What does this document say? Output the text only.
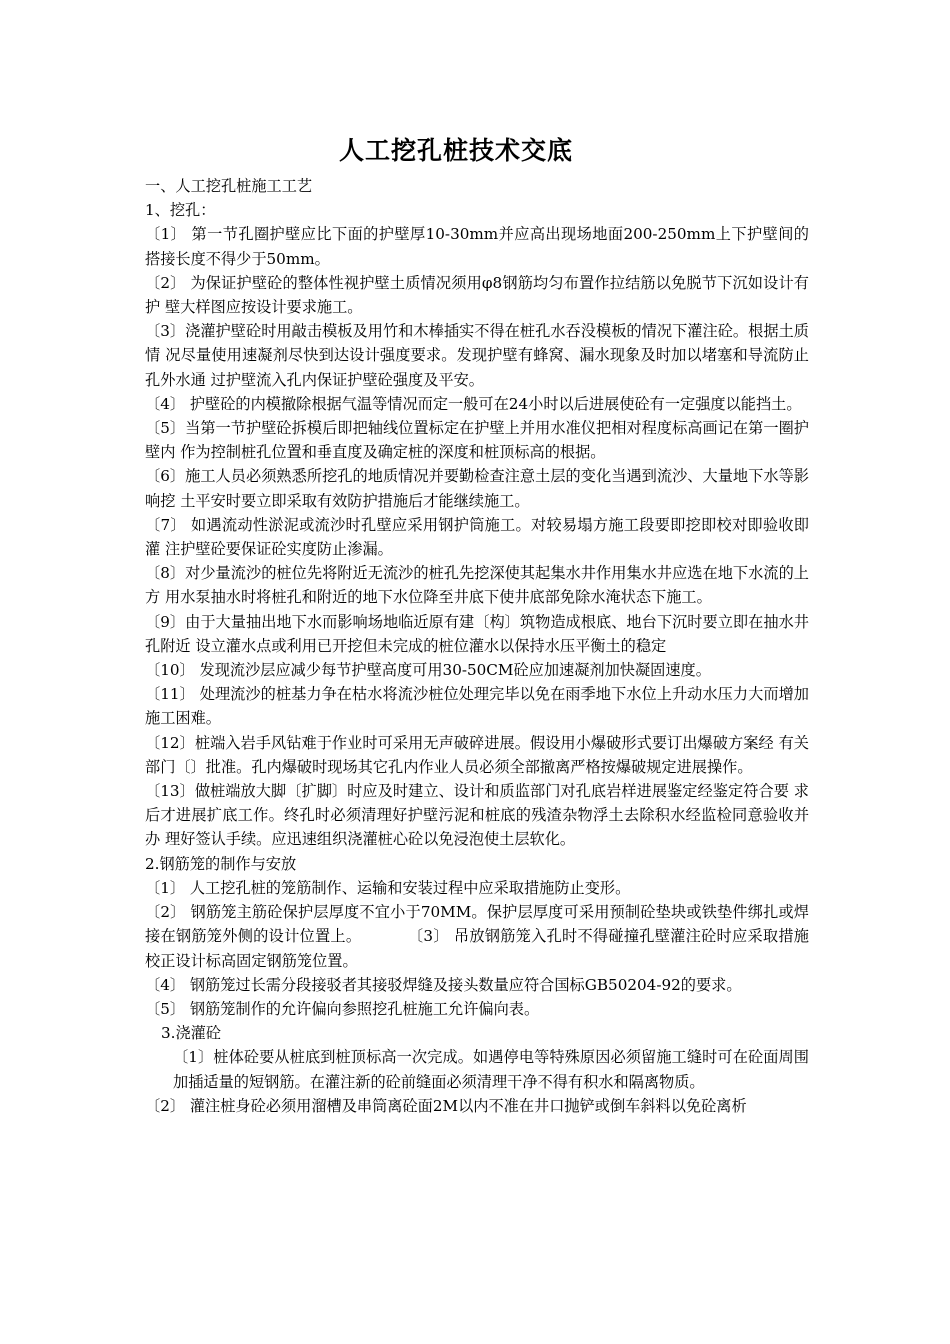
人工挖孔桩技术交底

一、人工挖孔桩施工工艺

1、挖孔：

〔1〕 第一节孔圈护壁应比下面的护壁厚10-30mm并应高出现场地面200-250mm上下护壁间的搭接长度不得少于50mm。

〔2〕 为保证护壁砼的整体性视护壁土质情况须用φ8钢筋均匀布置作拉结筋以免脱节下沉如设计有护 壁大样图应按设计要求施工。

〔3〕浇灌护壁砼时用敲击模板及用竹和木棒插实不得在桩孔水吞没模板的情况下灌注砼。根据土质情 况尽量使用速凝剂尽快到达设计强度要求。发现护壁有蜂窝、漏水现象及时加以堵塞和导流防止孔外水通 过护壁流入孔内保证护壁砼强度及平安。

〔4〕 护壁砼的内模撤除根据气温等情况而定一般可在24小时以后进展使砼有一定强度以能挡土。

〔5〕当第一节护壁砼拆模后即把轴线位置标定在护壁上并用水准仪把相对程度标高画记在第一圈护壁内 作为控制桩孔位置和垂直度及确定桩的深度和桩顶标高的根据。

〔6〕施工人员必须熟悉所挖孔的地质情况并要勤检查注意土层的变化当遇到流沙、大量地下水等影响挖 土平安时要立即采取有效防护措施后才能继续施工。

〔7〕 如遇流动性淤泥或流沙时孔壁应采用钢护筒施工。对较易塌方施工段要即挖即校对即验收即灌 注护壁砼要保证砼实度防止渗漏。

〔8〕对少量流沙的桩位先将附近无流沙的桩孔先挖深使其起集水井作用集水井应选在地下水流的上方 用水泵抽水时将桩孔和附近的地下水位降至井底下使井底部免除水淹状态下施工。

〔9〕由于大量抽出地下水而影响场地临近原有建〔构〕筑物造成根底、地台下沉时要立即在抽水井孔附近 设立灌水点或利用已开挖但未完成的桩位灌水以保持水压平衡土的稳定

〔10〕 发现流沙层应减少每节护壁高度可用30-50CM砼应加速凝剂加快凝固速度。

〔11〕 处理流沙的桩基力争在枯水将流沙桩位处理完毕以免在雨季地下水位上升动水压力大而增加 施工困难。

〔12〕桩端入岩手风钻难于作业时可采用无声破碎进展。假设用小爆破形式要订出爆破方案经 有关部门〔〕批准。孔内爆破时现场其它孔内作业人员必须全部撤离严格按爆破规定进展操作。

〔13〕做桩端放大脚〔扩脚〕时应及时建立、设计和质监部门对孔底岩样进展鉴定经鉴定符合要 求后才进展扩底工作。终孔时必须清理好护壁污泥和桩底的残渣杂物浮土去除积水经监检同意验收并办 理好签认手续。应迅速组织浇灌桩心砼以免浸泡使土层软化。

2.钢筋笼的制作与安放

〔1〕 人工挖孔桩的笼筋制作、运输和安装过程中应采取措施防止变形。

〔2〕 钢筋笼主筋砼保护层厚度不宜小于70MM。保护层厚度可采用预制砼垫块或铁垫件绑扎或焊接在钢筋笼外侧的设计位置上。　　　　〔3〕 吊放钢筋笼入孔时不得碰撞孔壁灌注砼时应采取措施校正设计标高固定钢筋笼位置。

〔4〕 钢筋笼过长需分段接驳者其接驳焊缝及接头数量应符合国标GB50204-92的要求。

〔5〕 钢筋笼制作的允许偏向参照挖孔桩施工允许偏向表。

3.浇灌砼

〔1〕桩体砼要从桩底到桩顶标高一次完成。如遇停电等特殊原因必须留施工缝时可在砼面周围加插适量的短钢筋。在灌注新的砼前缝面必须清理干净不得有积水和隔离物质。

〔2〕 灌注桩身砼必须用溜槽及串筒离砼面2M以内不准在井口抛铲或倒车斜料以免砼离析
